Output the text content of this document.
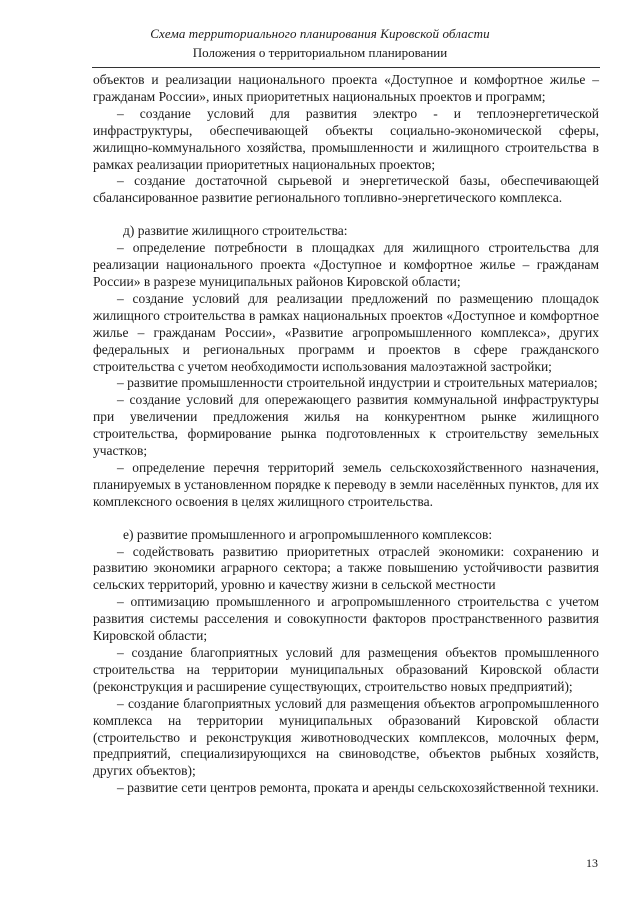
Схема территориального планирования Кировской области
Положения о территориальном планировании

объектов и реализации национального проекта «Доступное и комфортное жилье – гражданам России», иных приоритетных национальных проектов и программ;

– создание условий для развития электро - и теплоэнергетической инфраструктуры, обеспечивающей объекты социально-экономической сферы, жилищно-коммунального хозяйства, промышленности и жилищного строительства в рамках реализации приоритетных национальных проектов;

– создание достаточной сырьевой и энергетической базы, обеспечивающей сбалансированное развитие регионального топливно-энергетического комплекса.

д) развитие жилищного строительства:

– определение потребности в площадках для жилищного строительства для реализации национального проекта «Доступное и комфортное жилье – гражданам России» в разрезе муниципальных районов Кировской области;

– создание условий для реализации предложений по размещению площадок жилищного строительства в рамках национальных проектов «Доступное и комфортное жилье – гражданам России», «Развитие агропромышленного комплекса», других федеральных и региональных программ и проектов в сфере гражданского строительства с учетом необходимости использования малоэтажной застройки;

– развитие промышленности строительной индустрии и строительных материалов;

– создание условий для опережающего развития коммунальной инфраструктуры при увеличении предложения жилья на конкурентном рынке жилищного строительства, формирование рынка подготовленных к строительству земельных участков;

– определение перечня территорий земель сельскохозяйственного назначения, планируемых в установленном порядке к переводу в земли населённых пунктов, для их комплексного освоения в целях жилищного строительства.

е) развитие промышленного и агропромышленного комплексов:

– содействовать развитию приоритетных отраслей экономики: сохранению и развитию экономики аграрного сектора; а также повышению устойчивости развития сельских территорий, уровню и качеству жизни в сельской местности

– оптимизацию промышленного и агропромышленного строительства с учетом развития системы расселения и совокупности факторов пространственного развития Кировской области;

– создание благоприятных условий для размещения объектов промышленного строительства на территории муниципальных образований Кировской области (реконструкция и расширение существующих, строительство новых предприятий);

– создание благоприятных условий для размещения объектов агропромышленного комплекса на территории муниципальных образований Кировской области (строительство и реконструкция животноводческих комплексов, молочных ферм, предприятий, специализирующихся на свиноводстве, объектов рыбных хозяйств, других объектов);

– развитие сети центров ремонта, проката и аренды сельскохозяйственной техники.

13
